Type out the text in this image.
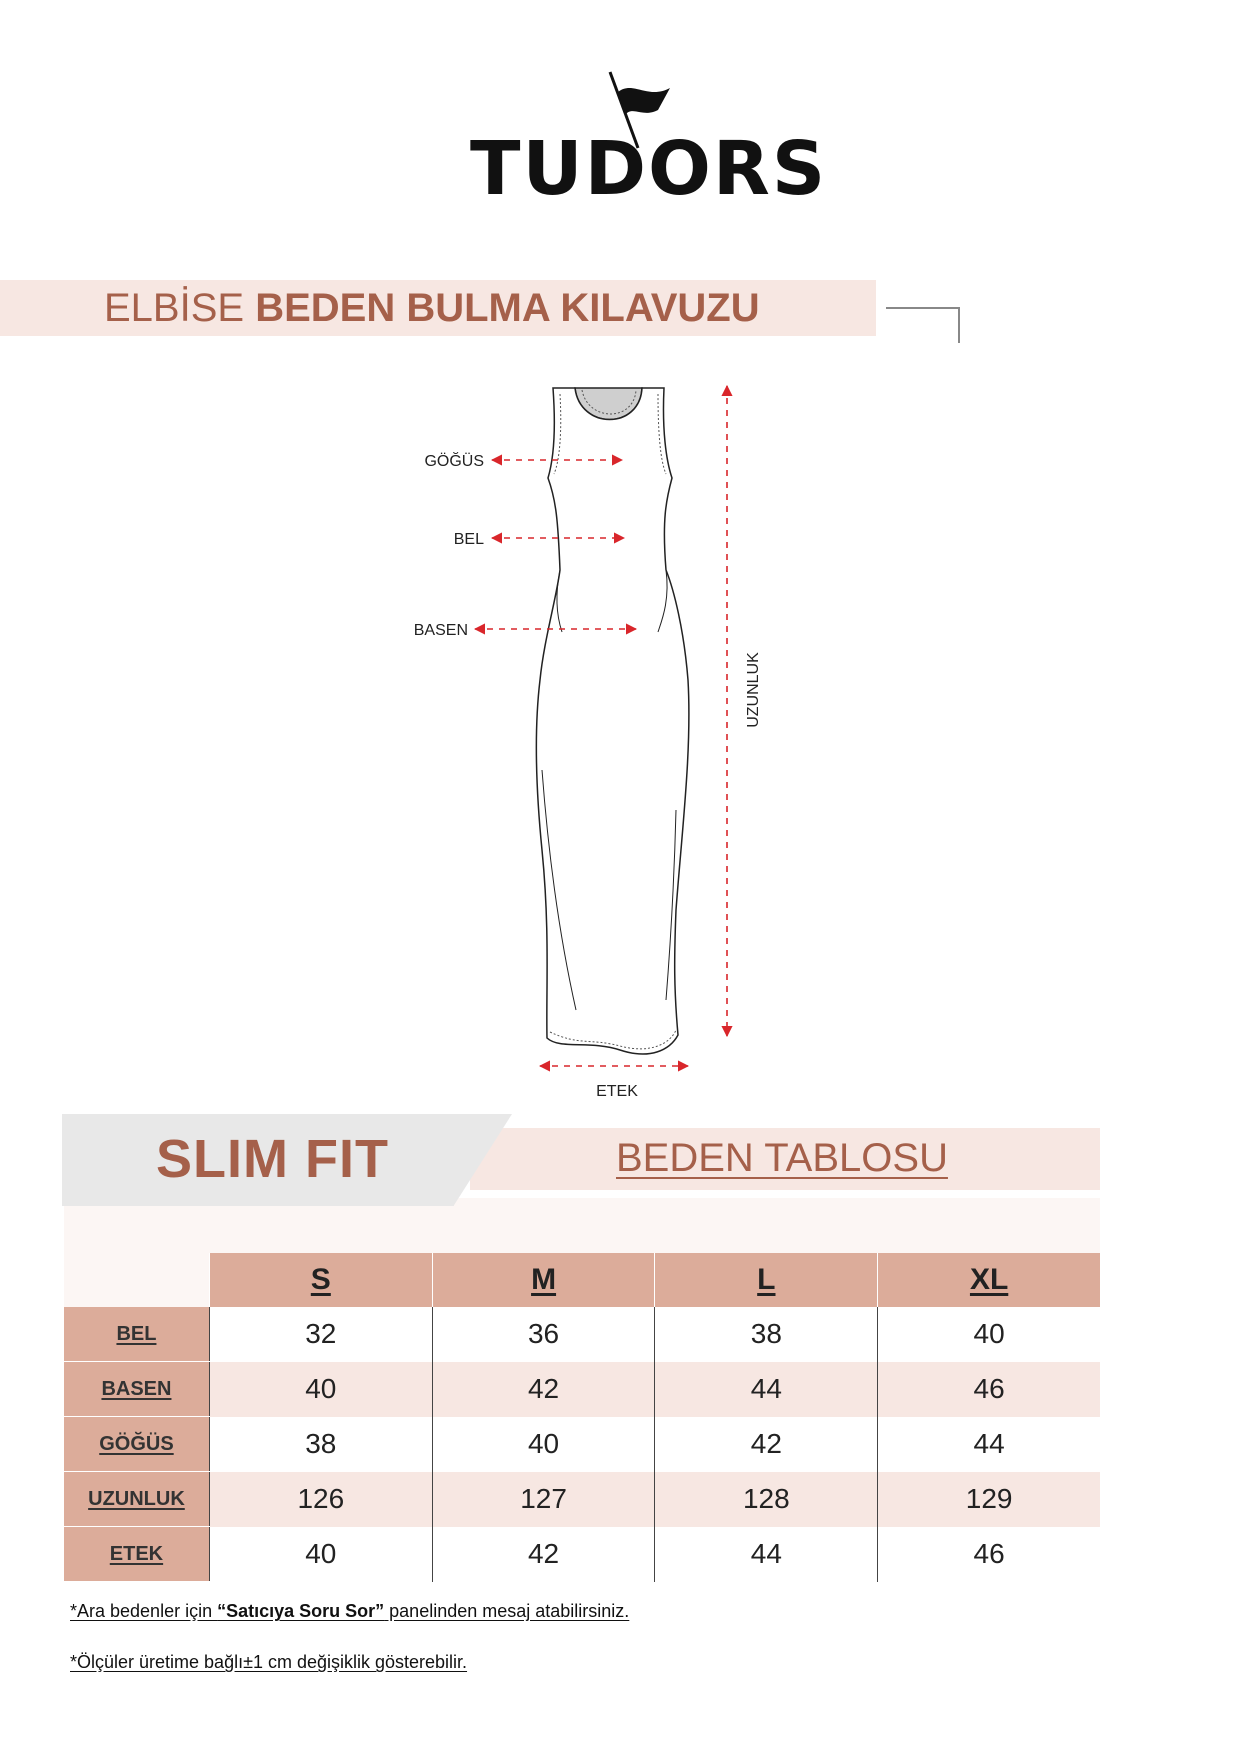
TUDORS
ELBİSE BEDEN BULMA KILAVUZU
GÖĞÜS
BEL
BASEN
UZUNLUK
ETEK
SLIM FIT	BEDEN TABLOSU
	S	M	L	XL
BEL	32	36	38	40
BASEN	40	42	44	46
GÖĞÜS	38	40	42	44
UZUNLUK	126	127	128	129
ETEK	40	42	44	46
*Ara bedenler için “Satıcıya Soru Sor” panelinden mesaj atabilirsiniz.
*Ölçüler üretime bağlı±1 cm değişiklik gösterebilir.
